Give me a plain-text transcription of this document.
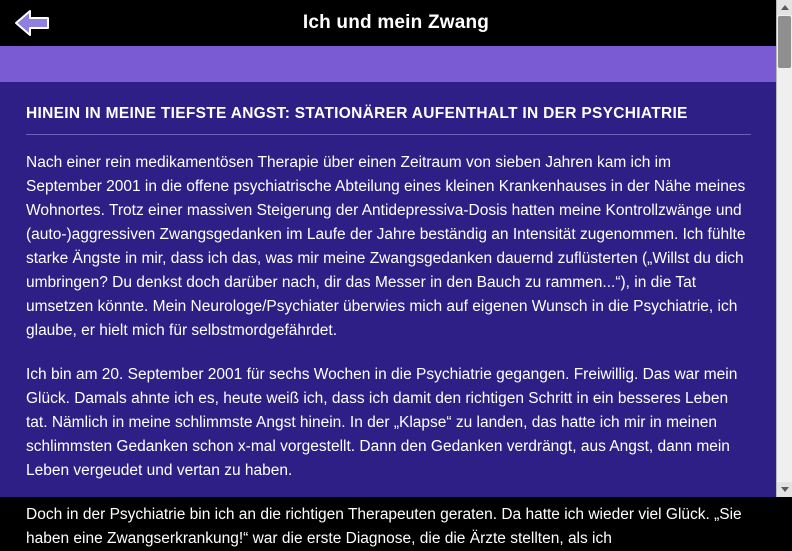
Ich und mein Zwang
HINEIN IN MEINE TIEFSTE ANGST: STATIONÄRER AUFENTHALT IN DER PSYCHIATRIE

Nach einer rein medikamentösen Therapie über einen Zeitraum von sieben Jahren kam ich im September 2001 in die offene psychiatrische Abteilung eines kleinen Krankenhauses in der Nähe meines Wohnortes. Trotz einer massiven Steigerung der Antidepressiva-Dosis hatten meine Kontrollzwänge und (auto-)aggressiven Zwangsgedanken im Laufe der Jahre beständig an Intensität zugenommen. Ich fühlte starke Ängste in mir, dass ich das, was mir meine Zwangsgedanken dauernd zuflüsterten („Willst du dich umbringen? Du denkst doch darüber nach, dir das Messer in den Bauch zu rammen...“), in die Tat umsetzen könnte. Mein Neurologe/Psychiater überwies mich auf eigenen Wunsch in die Psychiatrie, ich glaube, er hielt mich für selbstmordgefährdet.

Ich bin am 20. September 2001 für sechs Wochen in die Psychiatrie gegangen. Freiwillig. Das war mein Glück. Damals ahnte ich es, heute weiß ich, dass ich damit den richtigen Schritt in ein besseres Leben tat. Nämlich in meine schlimmste Angst hinein. In der „Klapse“ zu landen, das hatte ich mir in meinen schlimmsten Gedanken schon x-mal vorgestellt. Dann den Gedanken verdrängt, aus Angst, dann mein Leben vergeudet und vertan zu haben.

Doch in der Psychiatrie bin ich an die richtigen Therapeuten geraten. Da hatte ich wieder viel Glück. „Sie haben eine Zwangserkrankung!“ war die erste Diagnose, die die Ärzte stellten, als ich
